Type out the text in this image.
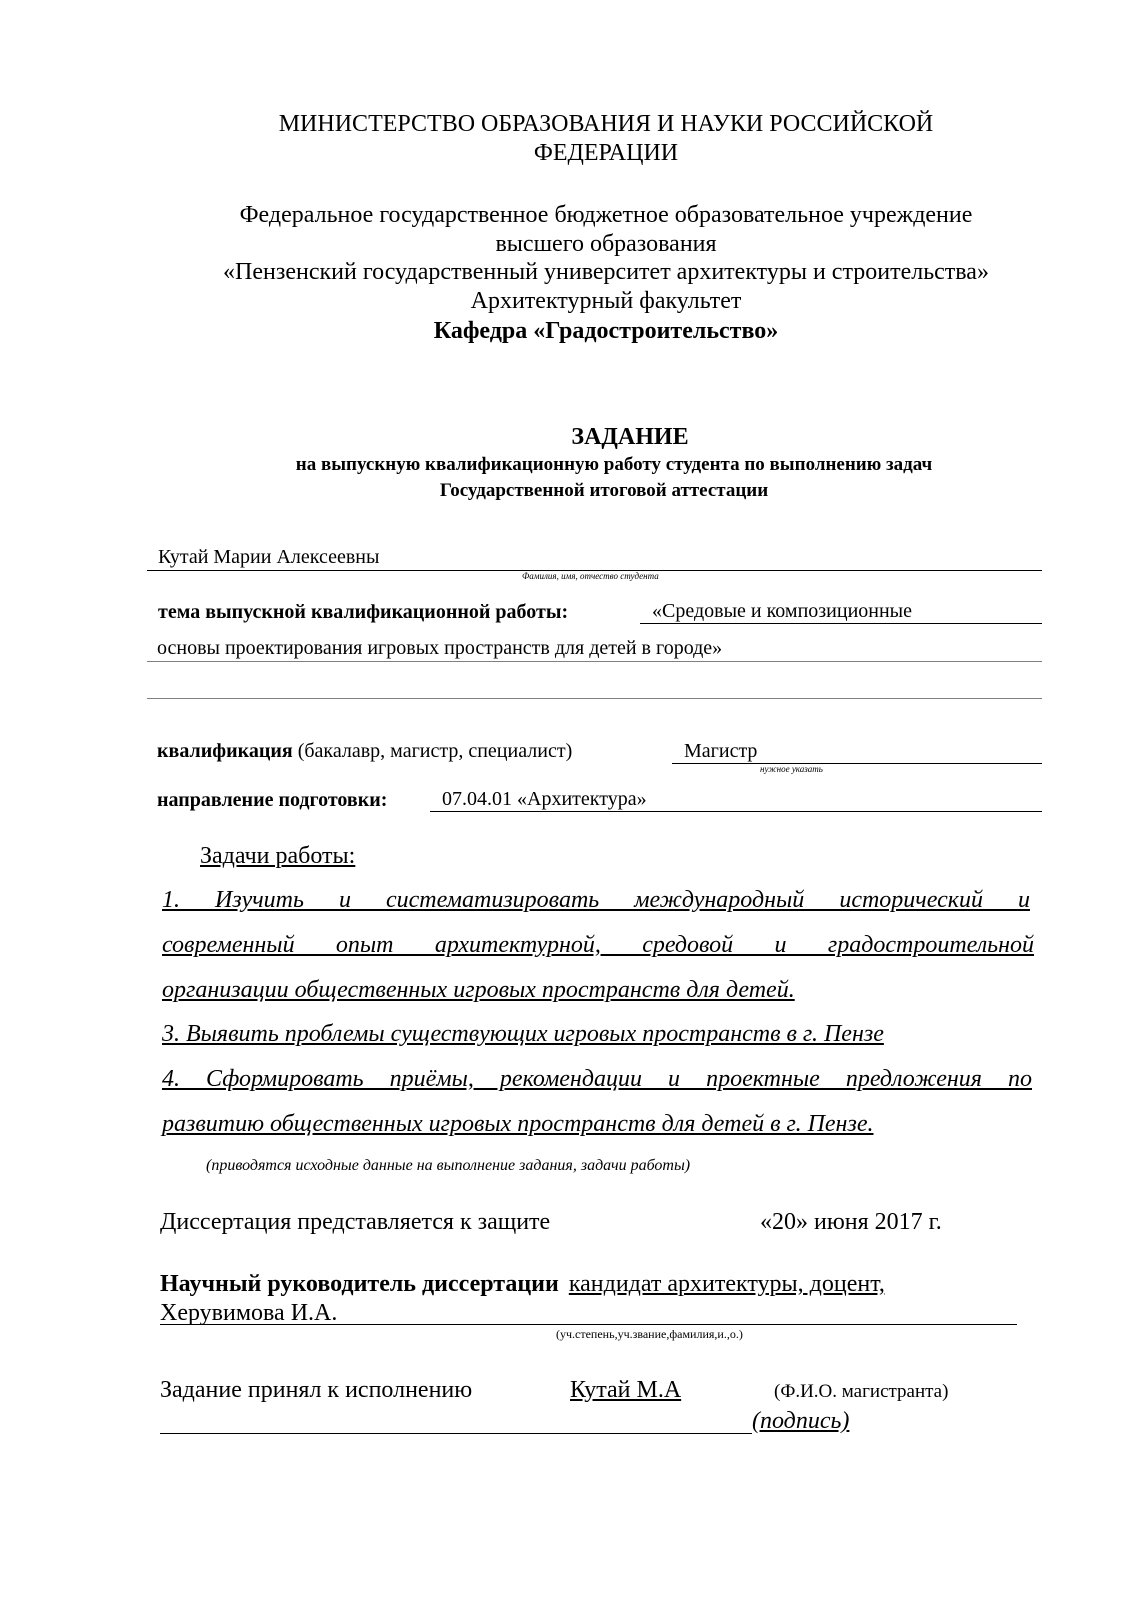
МИНИСТЕРСТВО ОБРАЗОВАНИЯ И НАУКИ РОССИЙСКОЙ
ФЕДЕРАЦИИ
Федеральное государственное бюджетное образовательное учреждение
высшего образования
«Пензенский государственный университет архитектуры и строительства»
Архитектурный факультет
Кафедра «Градостроительство»
ЗАДАНИЕ
на выпускную квалификационную работу студента по выполнению задач
Государственной итоговой аттестации
Кутай Марии Алексеевны
Фамилия, имя, отчество студента
тема выпускной квалификационной работы:	«Средовые и композиционные
основы проектирования игровых пространств для детей в городе»
квалификация (бакалавр, магистр, специалист)	Магистр
нужное указать
направление подготовки:	07.04.01 «Архитектура»
Задачи работы:
1. Изучить и систематизировать международный исторический и
современный опыт архитектурной, средовой и градостроительной
организации общественных игровых пространств для детей.
3. Выявить проблемы существующих игровых пространств в г. Пензе
4. Сформировать приёмы, рекомендации и проектные предложения по
развитию общественных игровых пространств для детей в г. Пензе.
(приводятся исходные данные на выполнение задания, задачи работы)
Диссертация представляется к защите	«20» июня 2017 г.
Научный руководитель диссертации кандидат архитектуры, доцент,
Херувимова И.А.
(уч.степень,уч.звание,фамилия,и.,о.)
Задание принял к исполнению	Кутай М.А	(Ф.И.О. магистранта)
(подпись)
